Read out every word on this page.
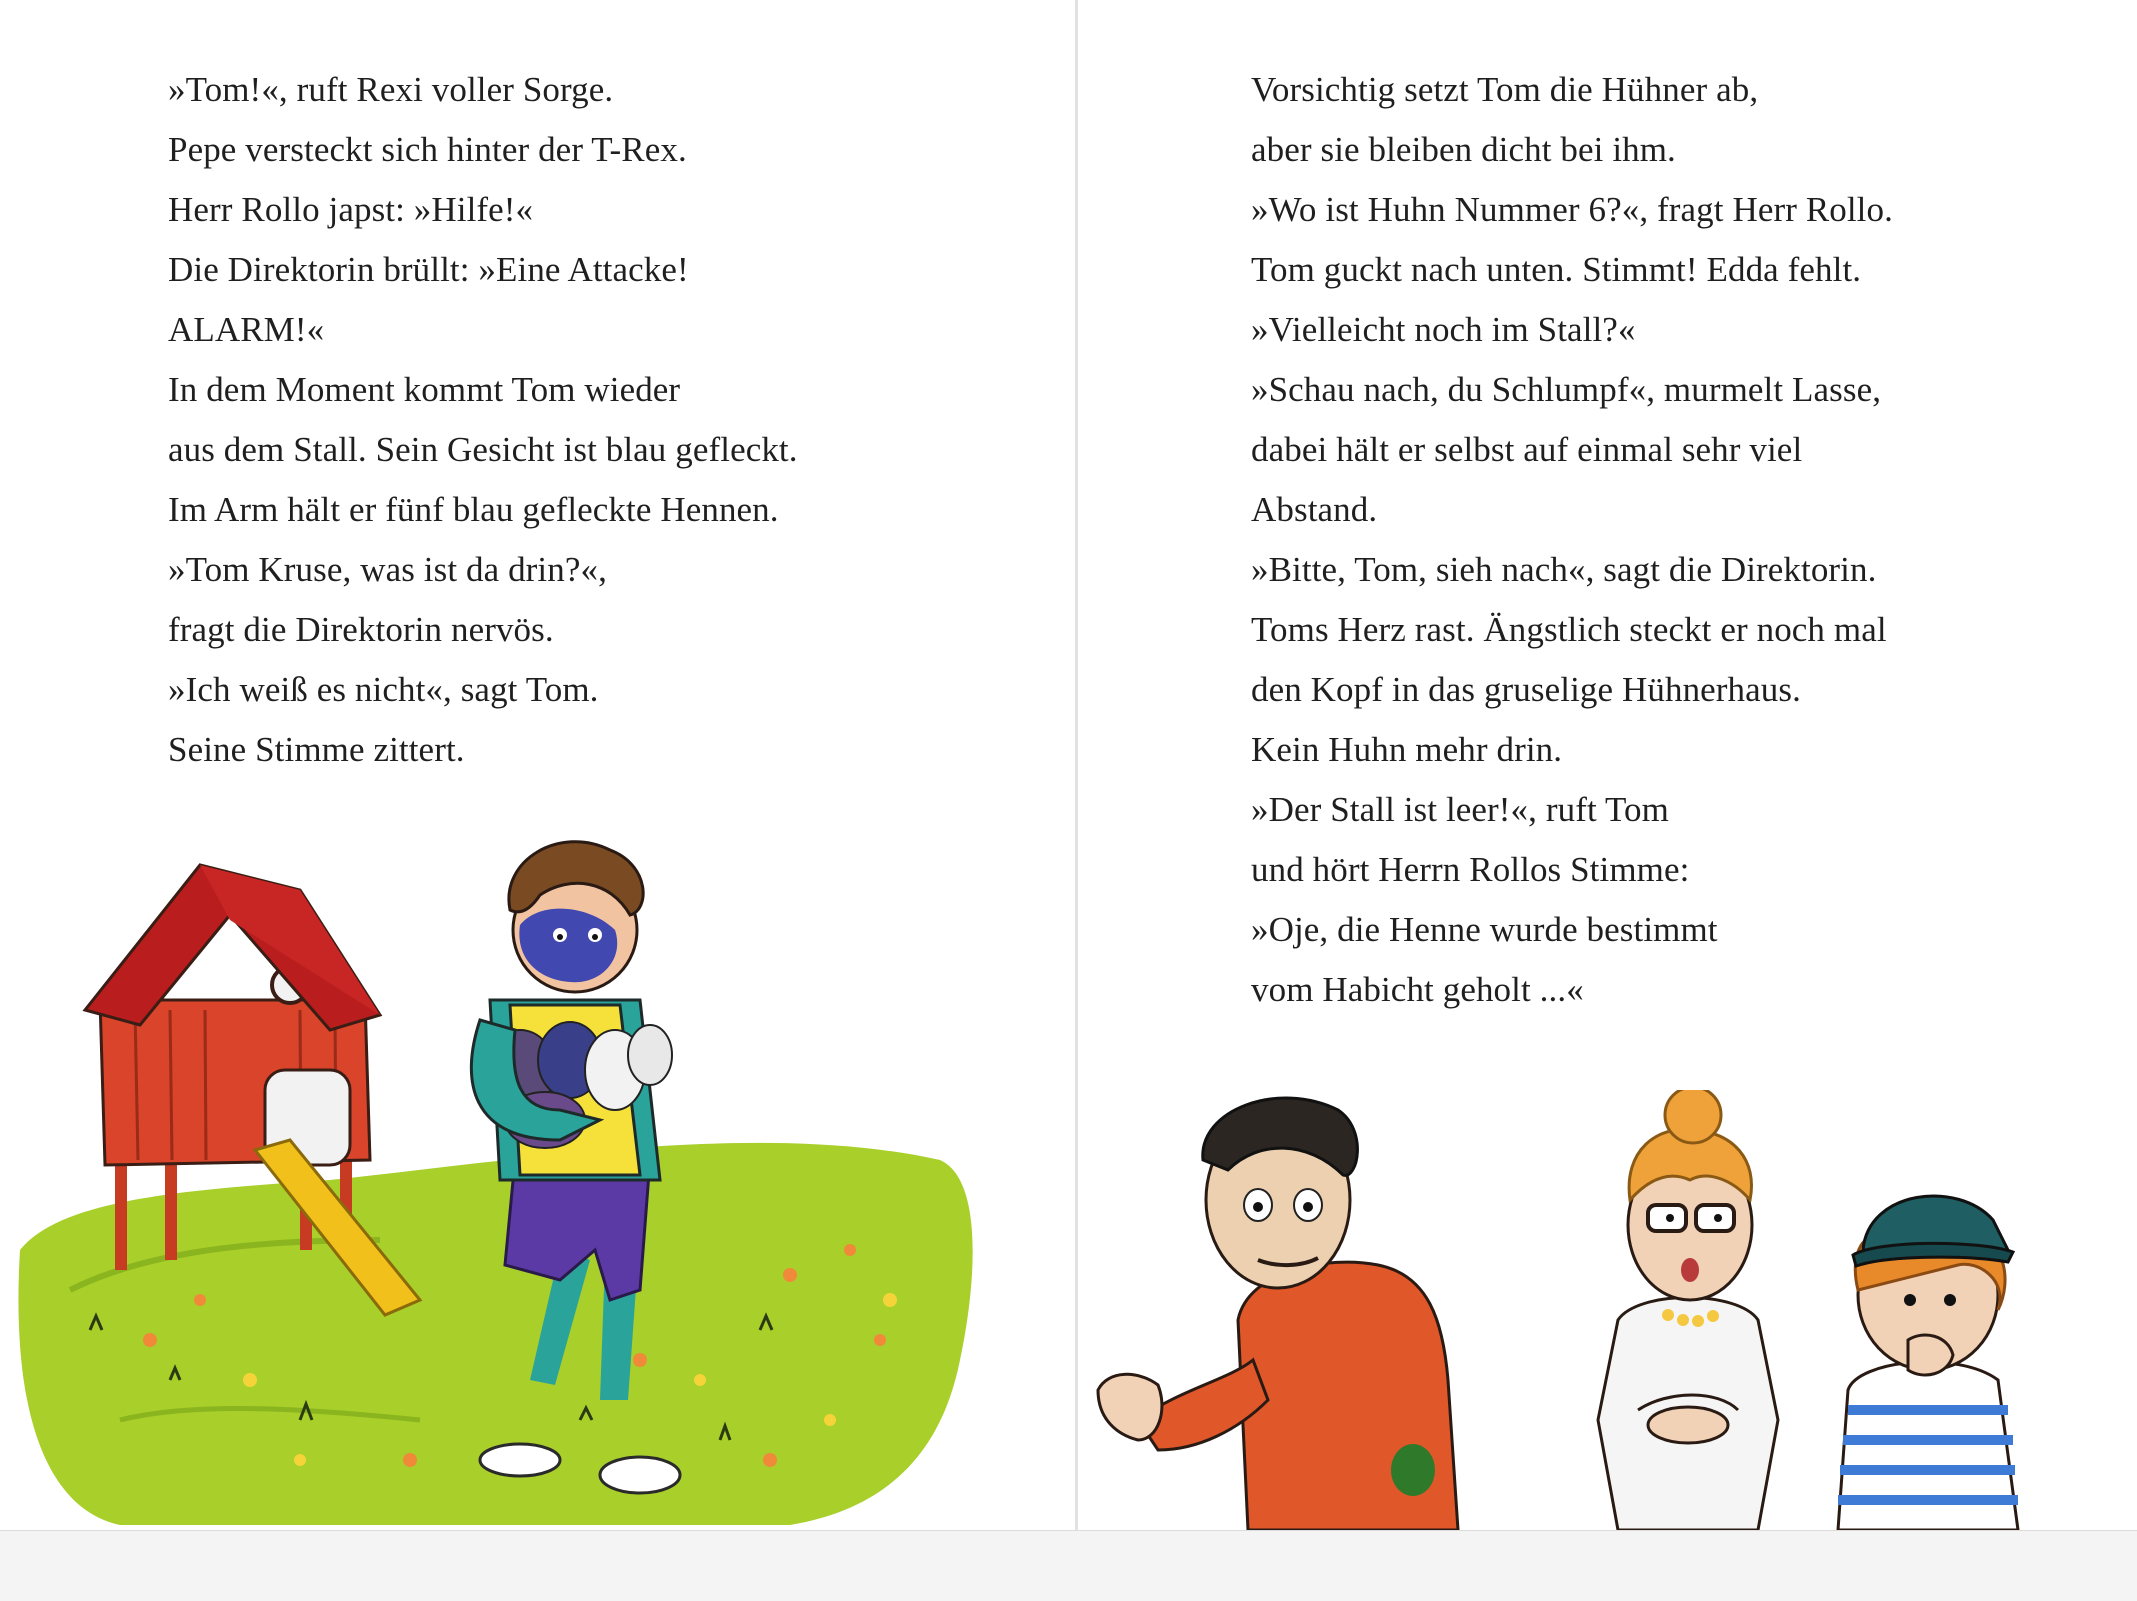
»Tom!«, ruft Rexi voller Sorge.
Pepe versteckt sich hinter der T-Rex.
Herr Rollo japst: »Hilfe!«
Die Direktorin brüllt: »Eine Attacke!
ALARM!«
In dem Moment kommt Tom wieder
aus dem Stall. Sein Gesicht ist blau gefleckt.
Im Arm hält er fünf blau gefleckte Hennen.
»Tom Kruse, was ist da drin?«,
fragt die Direktorin nervös.
»Ich weiß es nicht«, sagt Tom.
Seine Stimme zittert.
Vorsichtig setzt Tom die Hühner ab,
aber sie bleiben dicht bei ihm.
»Wo ist Huhn Nummer 6?«, fragt Herr Rollo.
Tom guckt nach unten. Stimmt! Edda fehlt.
»Vielleicht noch im Stall?«
»Schau nach, du Schlumpf«, murmelt Lasse,
dabei hält er selbst auf einmal sehr viel
Abstand.
»Bitte, Tom, sieh nach«, sagt die Direktorin.
Toms Herz rast. Ängstlich steckt er noch mal
den Kopf in das gruselige Hühnerhaus.
Kein Huhn mehr drin.
»Der Stall ist leer!«, ruft Tom
und hört Herrn Rollos Stimme:
»Oje, die Henne wurde bestimmt
vom Habicht geholt ...«
